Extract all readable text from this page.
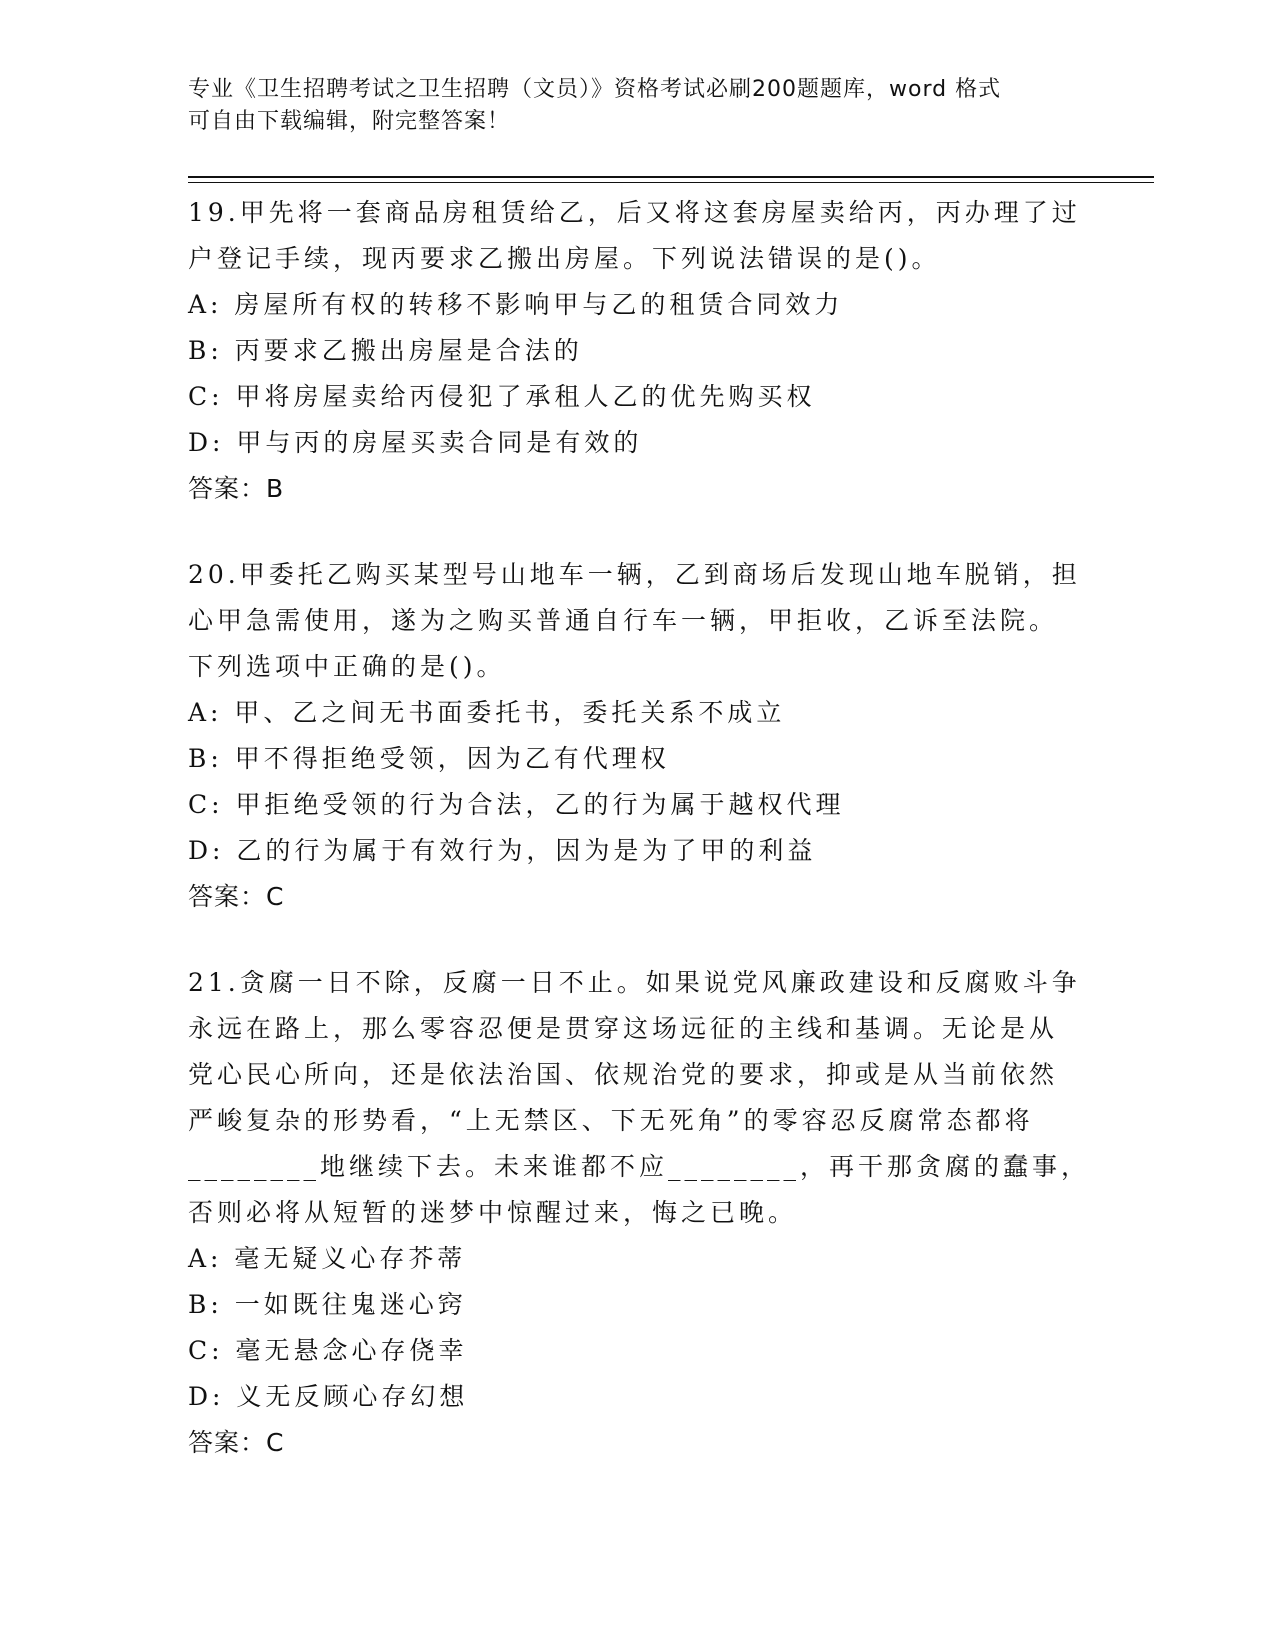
专业《卫生招聘考试之卫生招聘（文员）》资格考试必刷200题题库，word 格式
可自由下载编辑，附完整答案！
19.甲先将一套商品房租赁给乙，后又将这套房屋卖给丙，丙办理了过
户登记手续，现丙要求乙搬出房屋。下列说法错误的是()。
A: 房屋所有权的转移不影响甲与乙的租赁合同效力
B: 丙要求乙搬出房屋是合法的
C: 甲将房屋卖给丙侵犯了承租人乙的优先购买权
D: 甲与丙的房屋买卖合同是有效的
答案：B
20.甲委托乙购买某型号山地车一辆，乙到商场后发现山地车脱销，担
心甲急需使用，遂为之购买普通自行车一辆，甲拒收，乙诉至法院。
下列选项中正确的是()。
A: 甲、乙之间无书面委托书，委托关系不成立
B: 甲不得拒绝受领，因为乙有代理权
C: 甲拒绝受领的行为合法，乙的行为属于越权代理
D: 乙的行为属于有效行为，因为是为了甲的利益
答案：C
21.贪腐一日不除，反腐一日不止。如果说党风廉政建设和反腐败斗争
永远在路上，那么零容忍便是贯穿这场远征的主线和基调。无论是从
党心民心所向，还是依法治国、依规治党的要求，抑或是从当前依然
严峻复杂的形势看，“上无禁区、下无死角”的零容忍反腐常态都将
________地继续下去。未来谁都不应________，再干那贪腐的蠢事，
否则必将从短暂的迷梦中惊醒过来，悔之已晚。
A: 毫无疑义心存芥蒂
B: 一如既往鬼迷心窍
C: 毫无悬念心存侥幸
D: 义无反顾心存幻想
答案：C
